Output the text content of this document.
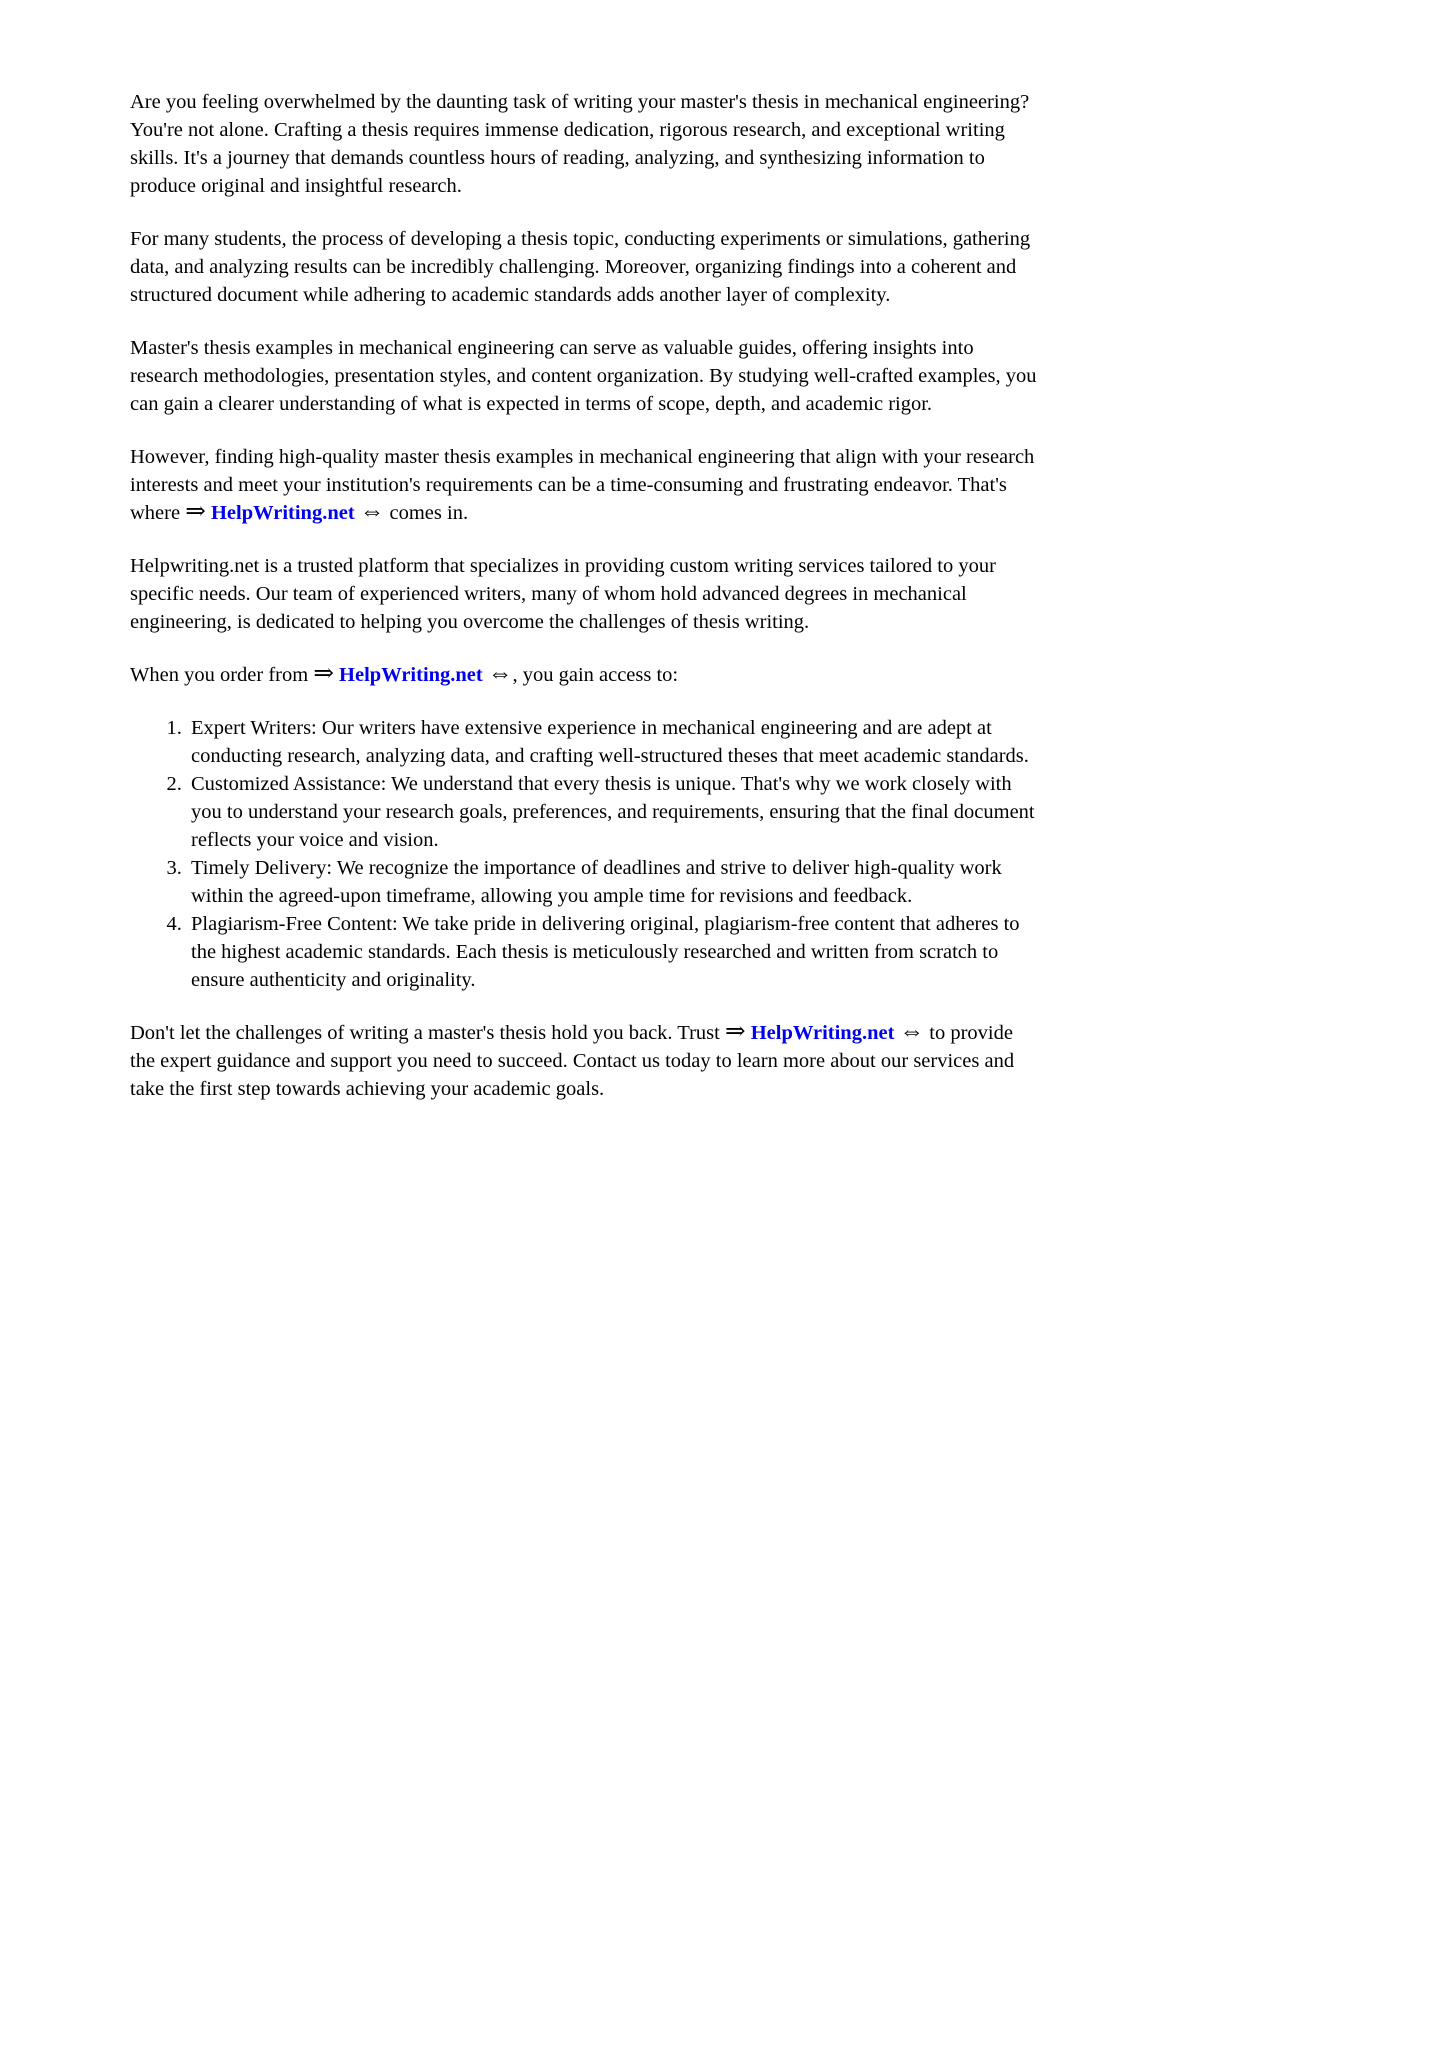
Are you feeling overwhelmed by the daunting task of writing your master's thesis in mechanical engineering? You're not alone. Crafting a thesis requires immense dedication, rigorous research, and exceptional writing skills. It's a journey that demands countless hours of reading, analyzing, and synthesizing information to produce original and insightful research.

For many students, the process of developing a thesis topic, conducting experiments or simulations, gathering data, and analyzing results can be incredibly challenging. Moreover, organizing findings into a coherent and structured document while adhering to academic standards adds another layer of complexity.

Master's thesis examples in mechanical engineering can serve as valuable guides, offering insights into research methodologies, presentation styles, and content organization. By studying well-crafted examples, you can gain a clearer understanding of what is expected in terms of scope, depth, and academic rigor.

However, finding high-quality master thesis examples in mechanical engineering that align with your research interests and meet your institution's requirements can be a time-consuming and frustrating endeavor. That's where ⇒ HelpWriting.net ⇔ comes in.

Helpwriting.net is a trusted platform that specializes in providing custom writing services tailored to your specific needs. Our team of experienced writers, many of whom hold advanced degrees in mechanical engineering, is dedicated to helping you overcome the challenges of thesis writing.

When you order from ⇒ HelpWriting.net ⇔, you gain access to:

1. Expert Writers: Our writers have extensive experience in mechanical engineering and are adept at conducting research, analyzing data, and crafting well-structured theses that meet academic standards.
2. Customized Assistance: We understand that every thesis is unique. That's why we work closely with you to understand your research goals, preferences, and requirements, ensuring that the final document reflects your voice and vision.
3. Timely Delivery: We recognize the importance of deadlines and strive to deliver high-quality work within the agreed-upon timeframe, allowing you ample time for revisions and feedback.
4. Plagiarism-Free Content: We take pride in delivering original, plagiarism-free content that adheres to the highest academic standards. Each thesis is meticulously researched and written from scratch to ensure authenticity and originality.

Don't let the challenges of writing a master's thesis hold you back. Trust ⇒ HelpWriting.net ⇔ to provide the expert guidance and support you need to succeed. Contact us today to learn more about our services and take the first step towards achieving your academic goals.
